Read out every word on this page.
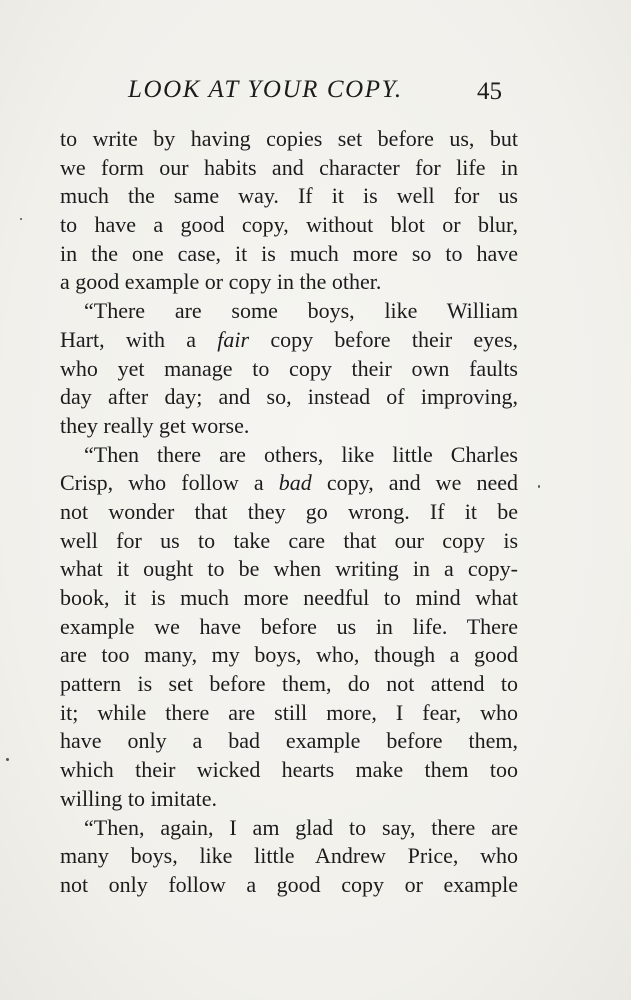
LOOK AT YOUR COPY.	45
to write by having copies set before us, but
we form our habits and character for life in
much the same way. If it is well for us
to have a good copy, without blot or blur,
in the one case, it is much more so to have
a good example or copy in the other.
“There are some boys, like William
Hart, with a fair copy before their eyes,
who yet manage to copy their own faults
day after day; and so, instead of improving,
they really get worse.
“Then there are others, like little Charles
Crisp, who follow a bad copy, and we need
not wonder that they go wrong. If it be
well for us to take care that our copy is
what it ought to be when writing in a copy-
book, it is much more needful to mind what
example we have before us in life. There
are too many, my boys, who, though a good
pattern is set before them, do not attend to
it; while there are still more, I fear, who
have only a bad example before them,
which their wicked hearts make them too
willing to imitate.
“Then, again, I am glad to say, there are
many boys, like little Andrew Price, who
not only follow a good copy or example
